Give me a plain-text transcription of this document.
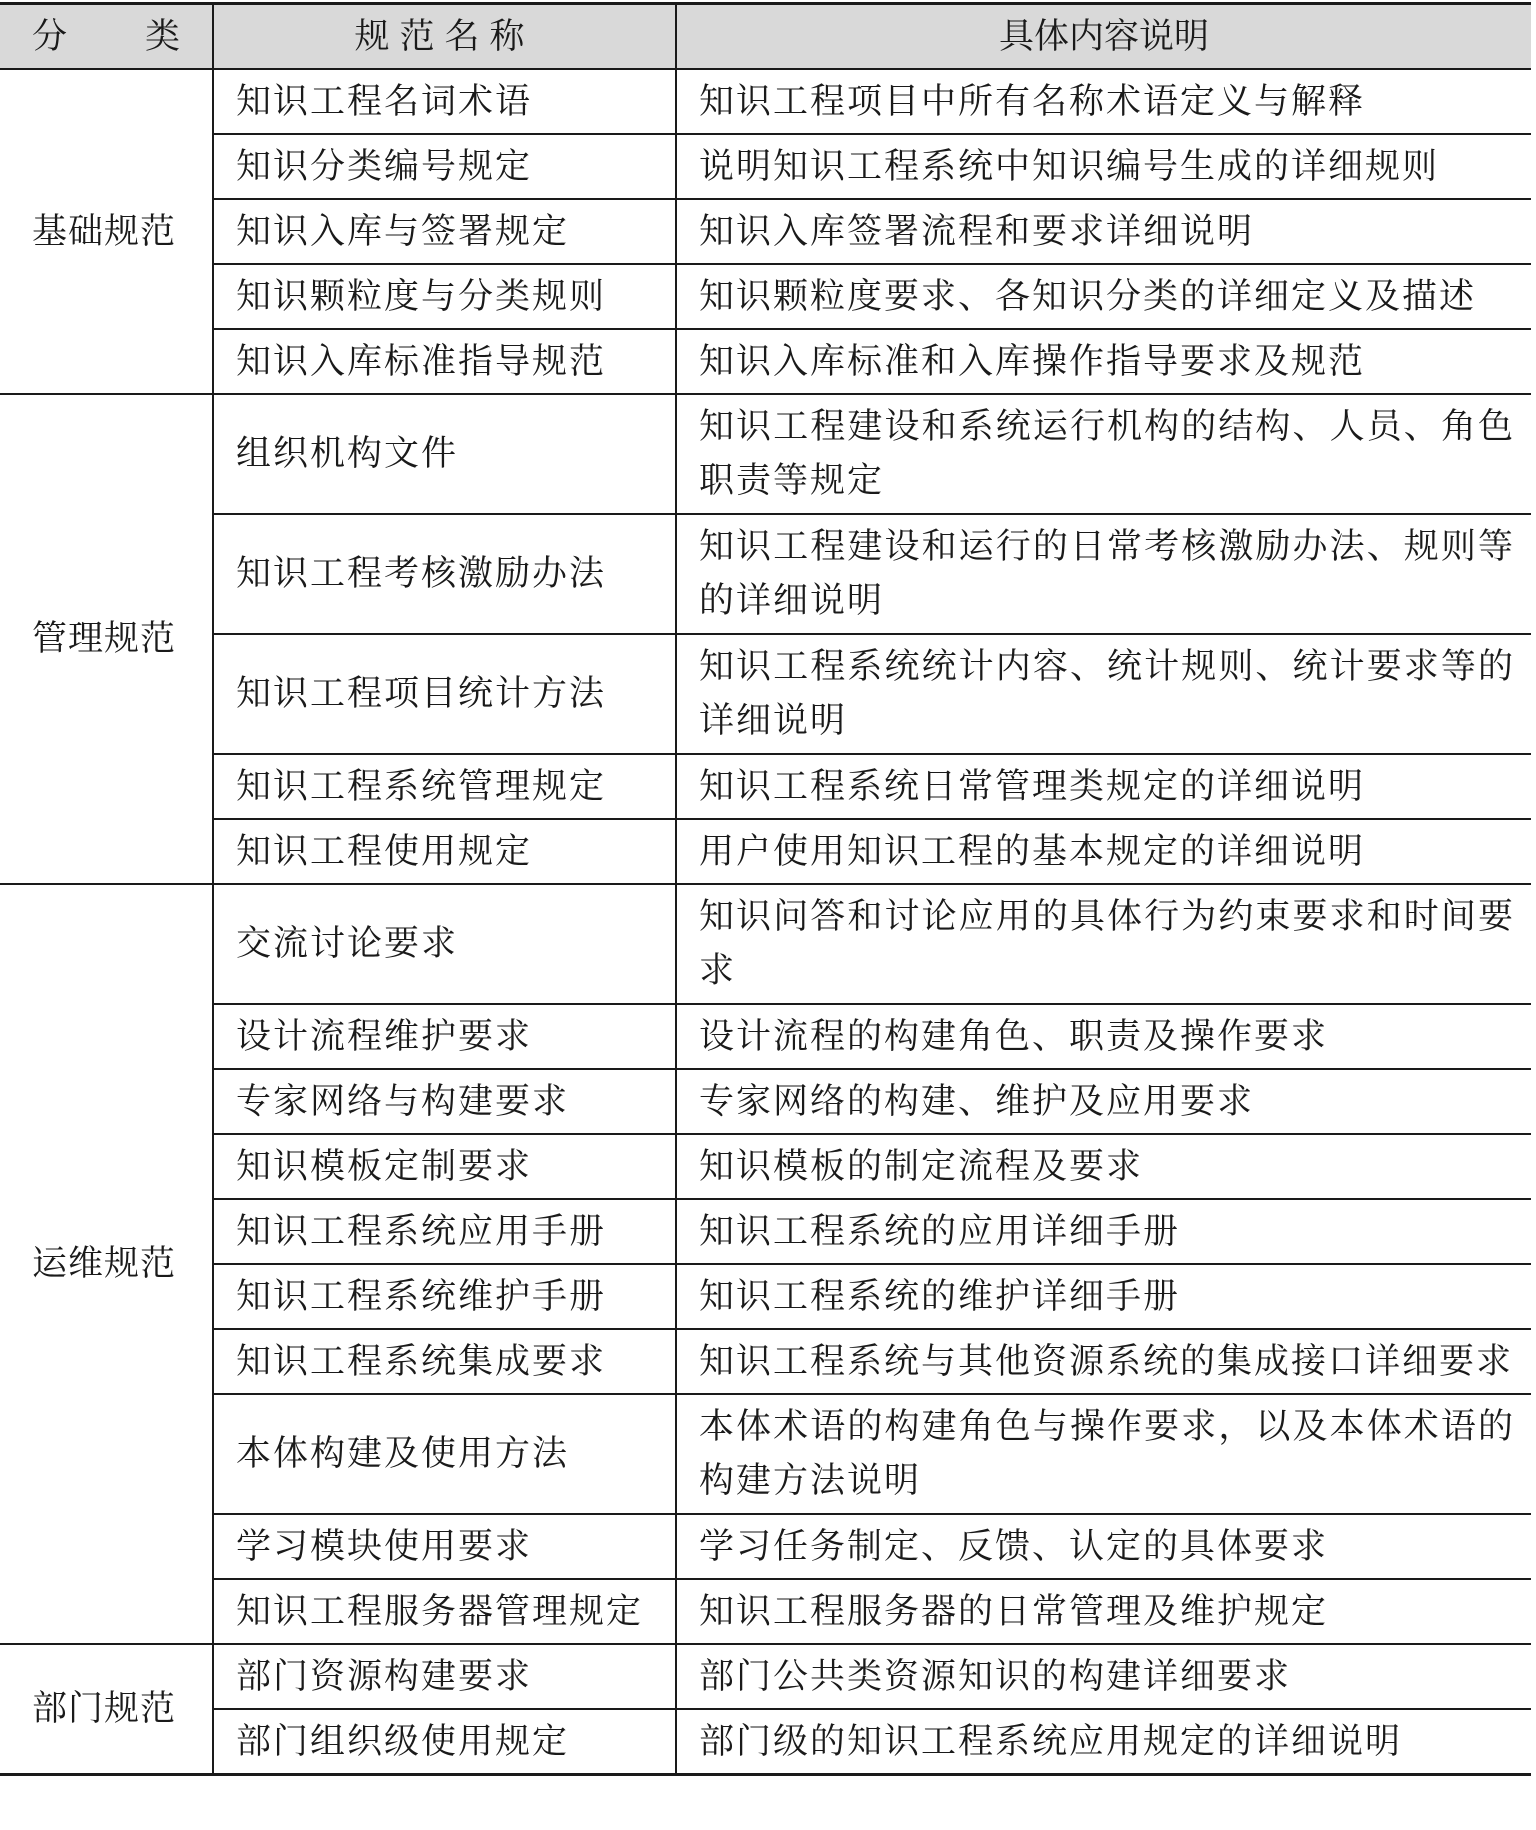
分 类	规范名称	具体内容说明
基础规范	知识工程名词术语	知识工程项目中所有名称术语定义与解释

	知识分类编号规定	说明知识工程系统中知识编号生成的详细规则

	知识入库与签署规定	知识入库签署流程和要求详细说明

	知识颗粒度与分类规则	知识颗粒度要求、各知识分类的详细定义及描述

	知识入库标准指导规范	知识入库标准和入库操作指导要求及规范

管理规范	组织机构文件	知识工程建设和系统运行机构的结构、人员、角色职责等规定

	知识工程考核激励办法	知识工程建设和运行的日常考核激励办法、规则等的详细说明

	知识工程项目统计方法	知识工程系统统计内容、统计规则、统计要求等的详细说明

	知识工程系统管理规定	知识工程系统日常管理类规定的详细说明

	知识工程使用规定	用户使用知识工程的基本规定的详细说明

运维规范	交流讨论要求	知识问答和讨论应用的具体行为约束要求和时间要求

	设计流程维护要求	设计流程的构建角色、职责及操作要求

	专家网络与构建要求	专家网络的构建、维护及应用要求

	知识模板定制要求	知识模板的制定流程及要求

	知识工程系统应用手册	知识工程系统的应用详细手册

	知识工程系统维护手册	知识工程系统的维护详细手册

	知识工程系统集成要求	知识工程系统与其他资源系统的集成接口详细要求

	本体构建及使用方法	本体术语的构建角色与操作要求，以及本体术语的构建方法说明

	学习模块使用要求	学习任务制定、反馈、认定的具体要求

	知识工程服务器管理规定	知识工程服务器的日常管理及维护规定

部门规范	部门资源构建要求	部门公共类资源知识的构建详细要求

	部门组织级使用规定	部门级的知识工程系统应用规定的详细说明
